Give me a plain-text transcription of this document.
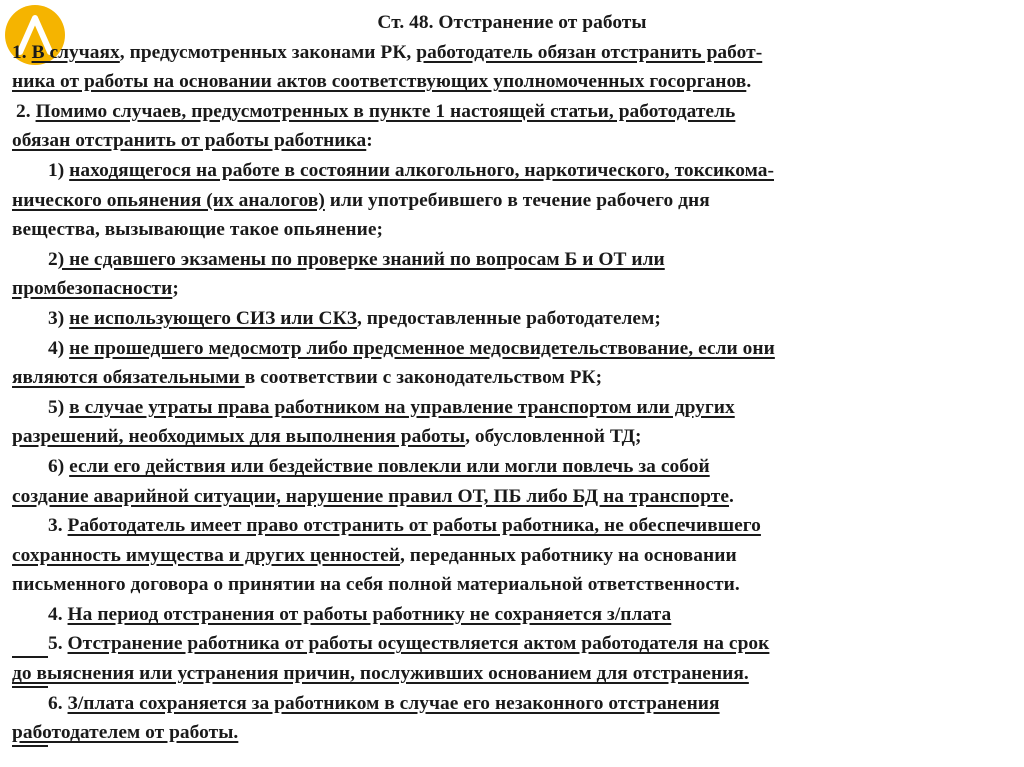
Ст. 48. Отстранение от работы
1. В случаях, предусмотренных законами РК, работодатель обязан отстранить работ-
ника от работы на основании актов соответствующих уполномоченных госорганов.
2. Помимо случаев, предусмотренных в пункте 1 настоящей статьи, работодатель
обязан отстранить от работы работника:
1) находящегося на работе в состоянии алкогольного, наркотического, токсикома-
нического опьянения (их аналогов) или употребившего в течение рабочего дня
вещества, вызывающие такое опьянение;
2) не сдавшего экзамены по проверке знаний по вопросам Б и ОТ или
промбезопасности;
3) не использующего СИЗ или СКЗ, предоставленные работодателем;
4) не прошедшего медосмотр либо предсменное медосвидетельствование, если они
являются обязательными в соответствии с законодательством РК;
5) в случае утраты права работником на управление транспортом или других
разрешений, необходимых для выполнения работы, обусловленной ТД;
6) если его действия или бездействие повлекли или могли повлечь за собой
создание аварийной ситуации, нарушение правил ОТ, ПБ либо БД на транспорте.
3. Работодатель имеет право отстранить от работы работника, не обеспечившего
сохранность имущества и других ценностей, переданных работнику на основании
письменного договора о принятии на себя полной материальной ответственности.
4. На период отстранения от работы работнику не сохраняется з/плата
5. Отстранение работника от работы осуществляется актом работодателя на срок
до выяснения или устранения причин, послуживших основанием для отстранения.
6. З/плата сохраняется за работником в случае его незаконного отстранения
работодателем от работы.
